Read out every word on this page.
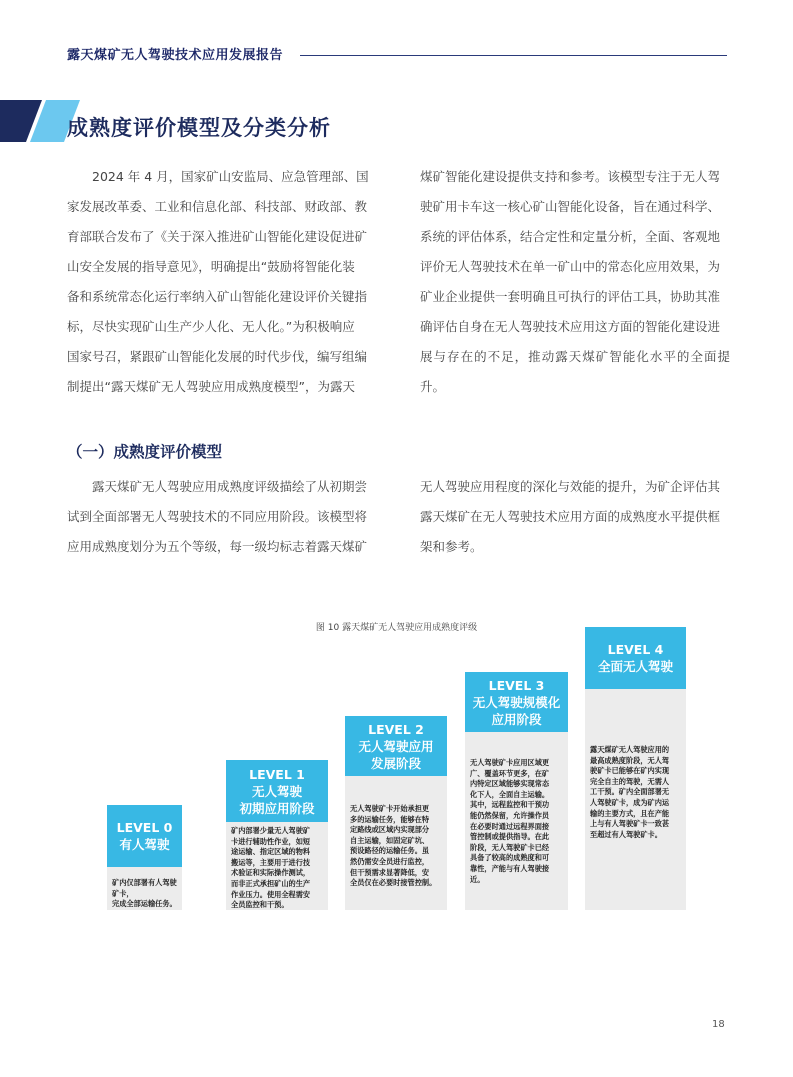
露天煤矿无人驾驶技术应用发展报告
成熟度评价模型及分类分析

2024 年 4 月，国家矿山安监局、应急管理部、国

家发展改革委、工业和信息化部、科技部、财政部、教

育部联合发布了《关于深入推进矿山智能化建设促进矿

山安全发展的指导意见》，明确提出“鼓励将智能化装

备和系统常态化运行率纳入矿山智能化建设评价关键指

标，尽快实现矿山生产少人化、无人化。”为积极响应

国家号召，紧跟矿山智能化发展的时代步伐，编写组编

制提出“露天煤矿无人驾驶应用成熟度模型”，为露天

煤矿智能化建设提供支持和参考。该模型专注于无人驾

驶矿用卡车这一核心矿山智能化设备，旨在通过科学、

系统的评估体系，结合定性和定量分析，全面、客观地

评价无人驾驶技术在单一矿山中的常态化应用效果，为

矿业企业提供一套明确且可执行的评估工具，协助其准

确评估自身在无人驾驶技术应用这方面的智能化建设进

展与存在的不足，推动露天煤矿智能化水平的全面提升。

（一）成熟度评价模型

露天煤矿无人驾驶应用成熟度评级描绘了从初期尝

试到全面部署无人驾驶技术的不同应用阶段。该模型将

应用成熟度划分为五个等级，每一级均标志着露天煤矿

无人驾驶应用程度的深化与效能的提升，为矿企评估其

露天煤矿在无人驾驶技术应用方面的成熟度水平提供框

架和参考。

图 10 露天煤矿无人驾驶应用成熟度评级
LEVEL 0
有人驾驶
矿内仅部署有人驾驶矿卡，
完成全部运输任务。
LEVEL 1
无人驾驶
初期应用阶段
矿内部署少量无人驾驶矿
卡进行辅助性作业，如短
途运输、指定区域的物料
搬运等，主要用于进行技
术验证和实际操作测试，
而非正式承担矿山的生产
作业压力。使用全程需安
全员监控和干预。
LEVEL 2
无人驾驶应用
发展阶段
无人驾驶矿卡开始承担更
多的运输任务，能够在特
定路线或区域内实现部分
自主运输，如固定矿坑、
预设路径的运输任务。虽
然仍需安全员进行监控，
但干预需求显著降低，安
全员仅在必要时接管控制。
LEVEL 3
无人驾驶规模化
应用阶段
无人驾驶矿卡应用区域更
广、覆盖环节更多，在矿
内特定区域能够实现常态
化下人，全面自主运输。
其中，远程监控和干预功
能仍然保留，允许操作员
在必要时通过远程界面接
管控制或提供指导。在此
阶段，无人驾驶矿卡已经
具备了较高的成熟度和可
靠性，产能与有人驾驶接
近。
LEVEL 4
全面无人驾驶
露天煤矿无人驾驶应用的
最高成熟度阶段，无人驾
驶矿卡已能够在矿内实现
完全自主的驾驶，无需人
工干预。矿内全面部署无
人驾驶矿卡，成为矿内运
输的主要方式，且在产能
上与有人驾驶矿卡一致甚
至超过有人驾驶矿卡。
18
